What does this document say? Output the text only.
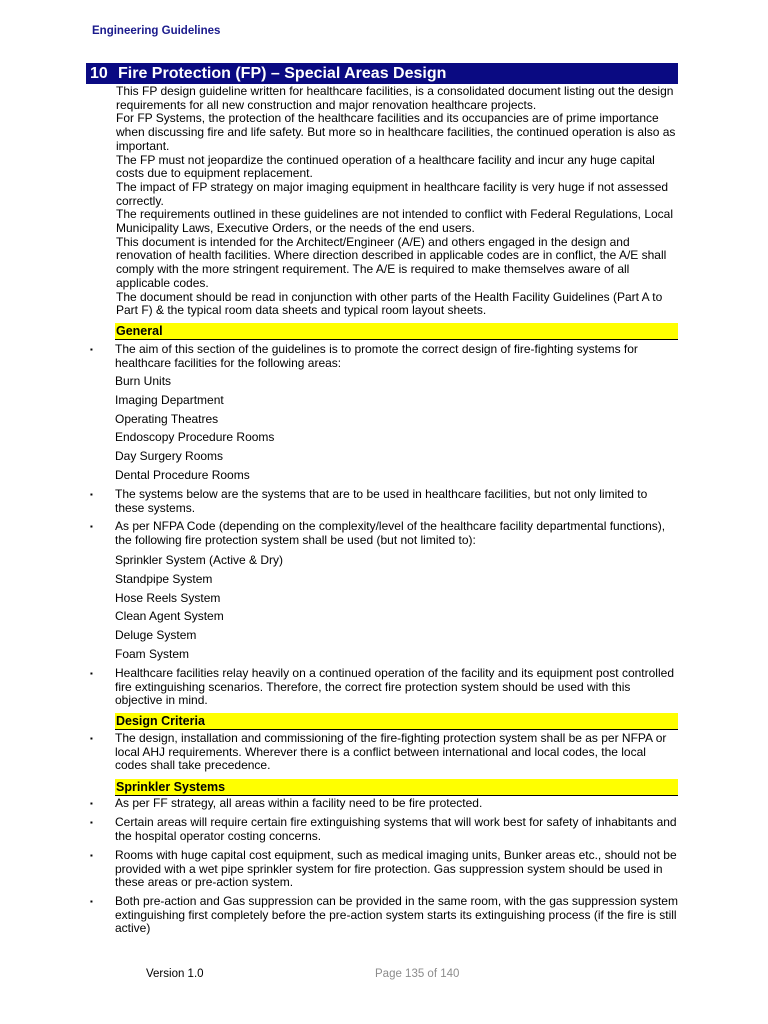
Engineering Guidelines
10 Fire Protection (FP) – Special Areas Design

This FP design guideline written for healthcare facilities, is a consolidated document listing out the design requirements for all new construction and major renovation healthcare projects.

For FP Systems, the protection of the healthcare facilities and its occupancies are of prime importance when discussing fire and life safety. But more so in healthcare facilities, the continued operation is also as important.

The FP must not jeopardize the continued operation of a healthcare facility and incur any huge capital costs due to equipment replacement.

The impact of FP strategy on major imaging equipment in healthcare facility is very huge if not assessed correctly.

The requirements outlined in these guidelines are not intended to conflict with Federal Regulations, Local Municipality Laws, Executive Orders, or the needs of the end users.

This document is intended for the Architect/Engineer (A/E) and others engaged in the design and renovation of health facilities. Where direction described in applicable codes are in conflict, the A/E shall comply with the more stringent requirement. The A/E is required to make themselves aware of all applicable codes.

The document should be read in conjunction with other parts of the Health Facility Guidelines (Part A to Part F) & the typical room data sheets and typical room layout sheets.

General
▪ The aim of this section of the guidelines is to promote the correct design of fire-fighting systems for healthcare facilities for the following areas:
Burn Units
Imaging Department
Operating Theatres
Endoscopy Procedure Rooms
Day Surgery Rooms
Dental Procedure Rooms
▪ The systems below are the systems that are to be used in healthcare facilities, but not only limited to these systems.
▪ As per NFPA Code (depending on the complexity/level of the healthcare facility departmental functions), the following fire protection system shall be used (but not limited to):
Sprinkler System (Active & Dry)
Standpipe System
Hose Reels System
Clean Agent System
Deluge System
Foam System
▪ Healthcare facilities relay heavily on a continued operation of the facility and its equipment post controlled fire extinguishing scenarios. Therefore, the correct fire protection system should be used with this objective in mind.
Design Criteria
▪ The design, installation and commissioning of the fire-fighting protection system shall be as per NFPA or local AHJ requirements. Wherever there is a conflict between international and local codes, the local codes shall take precedence.
Sprinkler Systems
▪ As per FF strategy, all areas within a facility need to be fire protected.
▪ Certain areas will require certain fire extinguishing systems that will work best for safety of inhabitants and the hospital operator costing concerns.
▪ Rooms with huge capital cost equipment, such as medical imaging units, Bunker areas etc., should not be provided with a wet pipe sprinkler system for fire protection. Gas suppression system should be used in these areas or pre-action system.
▪ Both pre-action and Gas suppression can be provided in the same room, with the gas suppression system extinguishing first completely before the pre-action system starts its extinguishing process (if the fire is still active)
Version 1.0	Page 135 of 140
